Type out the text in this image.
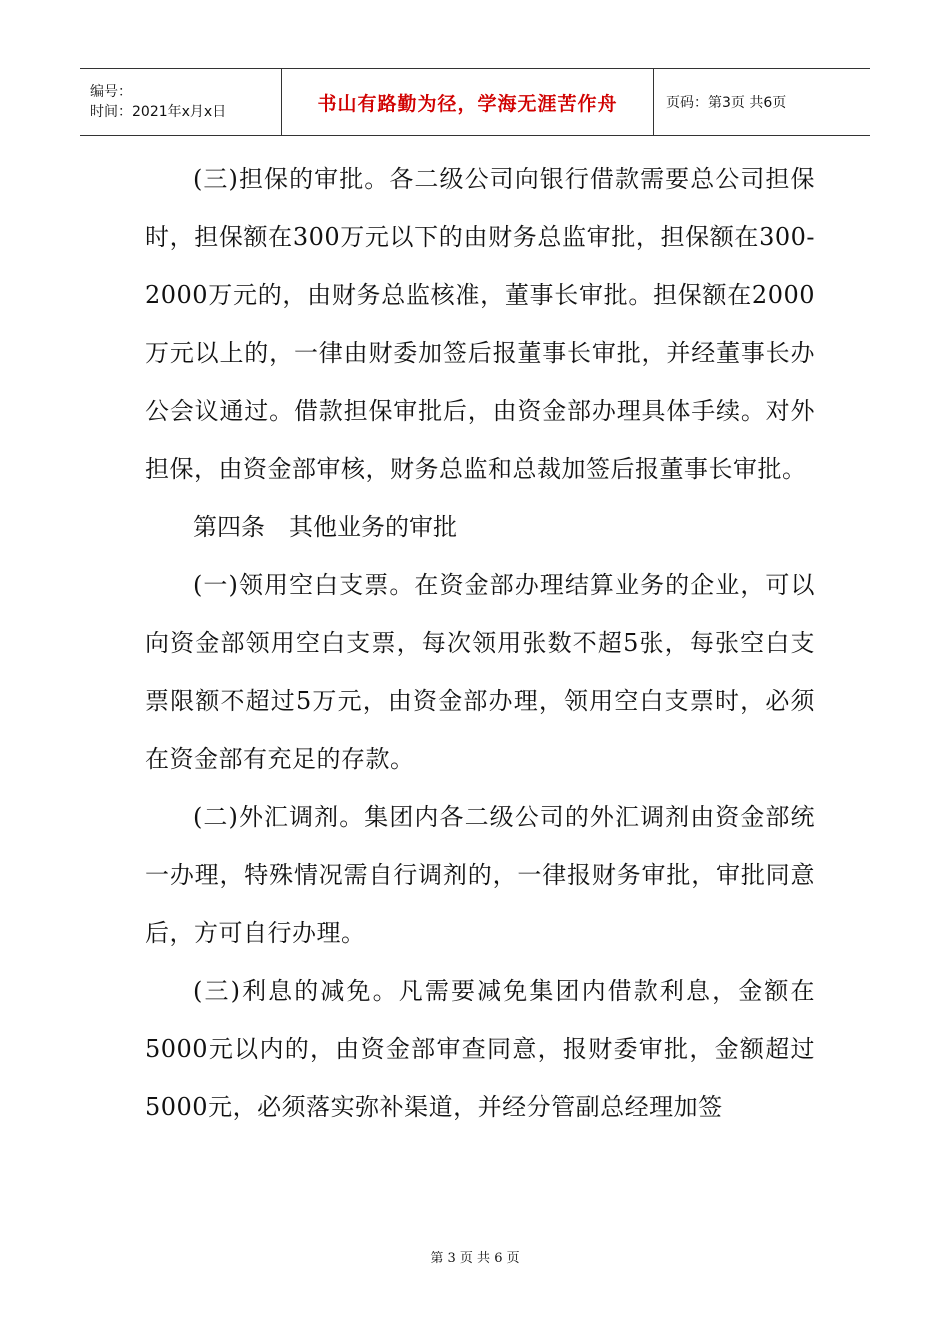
编号：
时间：2021年x月x日	书山有路勤为径，学海无涯苦作舟	页码：第3页 共6页

(三)担保的审批。各二级公司向银行借款需要总公司担保时，担保额在300万元以下的由财务总监审批，担保额在300-2000万元的，由财务总监核准，董事长审批。担保额在2000万元以上的，一律由财委加签后报董事长审批，并经董事长办公会议通过。借款担保审批后，由资金部办理具体手续。对外担保，由资金部审核，财务总监和总裁加签后报董事长审批。

第四条　其他业务的审批

(一)领用空白支票。在资金部办理结算业务的企业，可以向资金部领用空白支票，每次领用张数不超5张，每张空白支票限额不超过5万元，由资金部办理，领用空白支票时，必须在资金部有充足的存款。

(二)外汇调剂。集团内各二级公司的外汇调剂由资金部统一办理，特殊情况需自行调剂的，一律报财务审批，审批同意后，方可自行办理。

(三)利息的减免。凡需要减免集团内借款利息，金额在5000元以内的，由资金部审查同意，报财委审批，金额超过5000元，必须落实弥补渠道，并经分管副总经理加签

第 3 页 共 6 页
